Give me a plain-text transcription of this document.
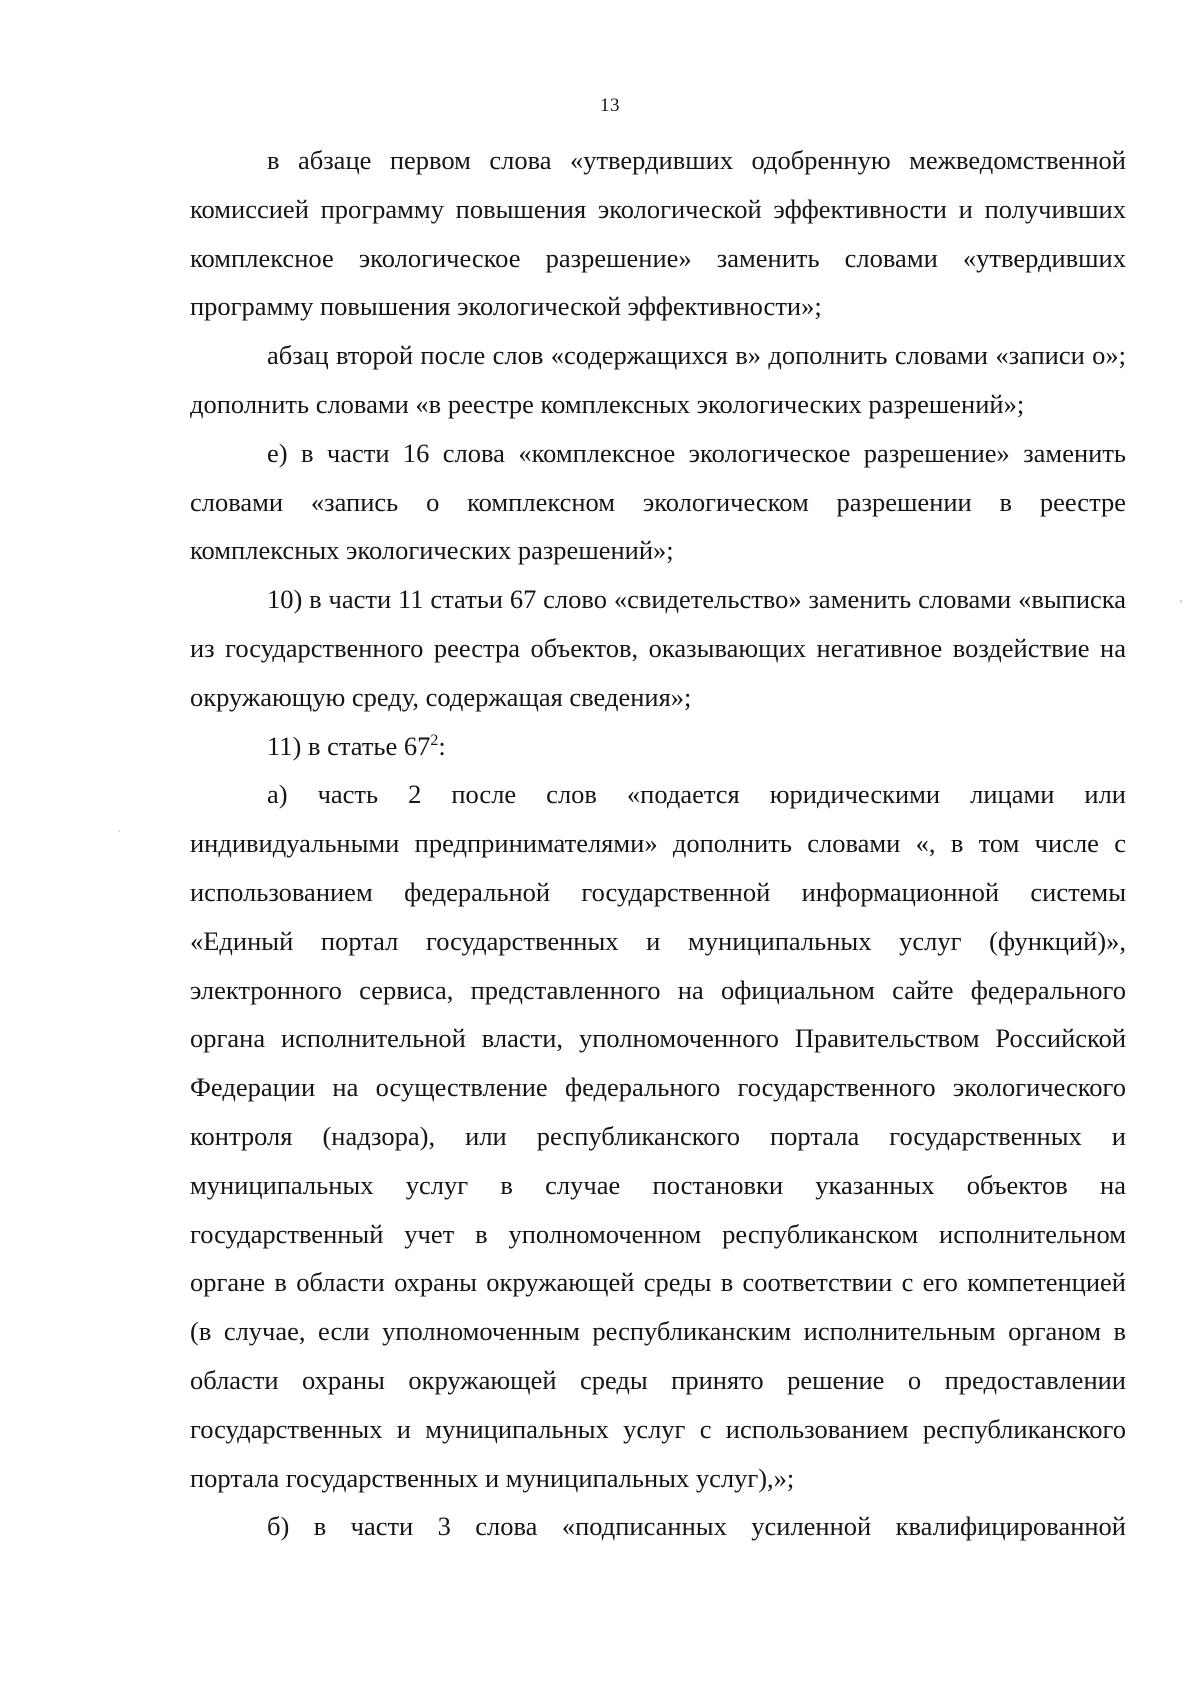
13

в абзаце первом слова «утвердивших одобренную межведомственной комиссией программу повышения экологической эффективности и получивших комплексное экологическое разрешение» заменить словами «утвердивших программу повышения экологической эффективности»;

абзац второй после слов «содержащихся в» дополнить словами «записи о»; дополнить словами «в реестре комплексных экологических разрешений»;

е) в части 16 слова «комплексное экологическое разрешение» заменить словами «запись о комплексном экологическом разрешении в реестре комплексных экологических разрешений»;

10) в части 11 статьи 67 слово «свидетельство» заменить словами «выписка из государственного реестра объектов, оказывающих негативное воздействие на окружающую среду, содержащая сведения»;

11) в статье $67^2$:

а) часть 2 после слов «подается юридическими лицами или индивидуальными предпринимателями» дополнить словами «, в том числе с использованием федеральной государственной информационной системы «Единый портал государственных и муниципальных услуг (функций)», электронного сервиса, представленного на официальном сайте федерального органа исполнительной власти, уполномоченного Правительством Российской Федерации на осуществление федерального государственного экологического контроля (надзора), или республиканского портала государственных и муниципальных услуг в случае постановки указанных объектов на государственный учет в уполномоченном республиканском исполнительном органе в области охраны окружающей среды в соответствии с его компетенцией (в случае, если уполномоченным республиканским исполнительным органом в области охраны окружающей среды принято решение о предоставлении государственных и муниципальных услуг с использованием республиканского портала государственных и муниципальных услуг),»;

б) в части 3 слова «подписанных усиленной квалифицированной
